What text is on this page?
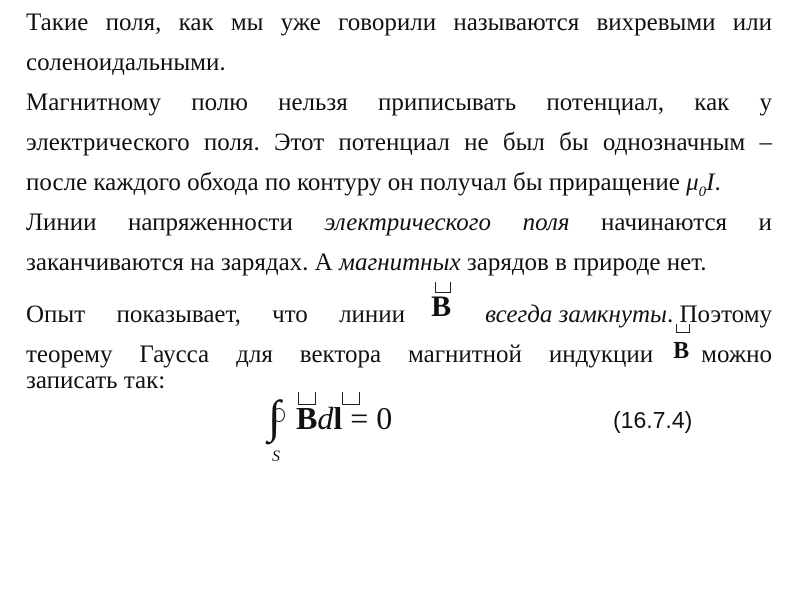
Такие поля, как мы уже говорили называются вихревыми или
соленоидальными.
Магнитному полю нельзя приписывать потенциал, как у
электрического поля. Этот потенциал не был бы однозначным –
после каждого обхода по контуру он получал бы приращение $\mu_0I$.
Линии напряженности электрического поля начинаются и
заканчиваются на зарядах. А магнитных зарядов в природе нет.
Опыт показывает, что линии B всегда замкнуты . Поэтому
теорему Гаусса для вектора магнитной индукции B можно
записать так:
∫
S
Bd
l = 0	(16.7.4)
